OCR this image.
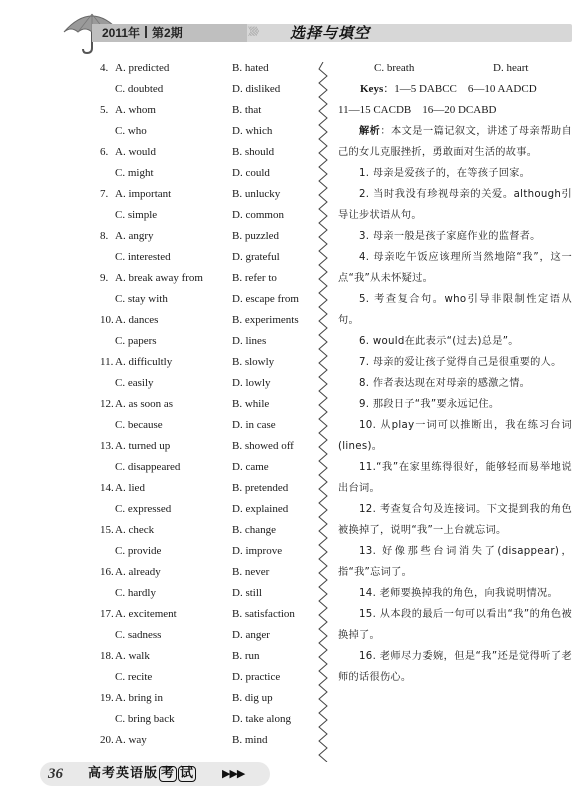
2011年 第2期	》》》 选择与填空
4. A. predicted	B. hated
C. doubted	D. disliked
5. A. whom	B. that
C. who	D. which
6. A. would	B. should
C. might	D. could
7. A. important	B. unlucky
C. simple	D. common
8. A. angry	B. puzzled
C. interested	D. grateful
9. A. break away from	B. refer to
C. stay with	D. escape from
10. A. dances	B. experiments
C. papers	D. lines
11. A. difficultly	B. slowly
C. easily	D. lowly
12. A. as soon as	B. while
C. because	D. in case
13. A. turned up	B. showed off
C. disappeared	D. came
14. A. lied	B. pretended
C. expressed	D. explained
15. A. check	B. change
C. provide	D. improve
16. A. already	B. never
C. hardly	D. still
17. A. excitement	B. satisfaction
C. sadness	D. anger
18. A. walk	B. run
C. recite	D. practice
19. A. bring in	B. dig up
C. bring back	D. take along
20. A. way	B. mind
C. breath	D. heart

Keys：1—5 DABCC　6—10 AADCD

11—15 CACDB　16—20 DCABD

解析：本文是一篇记叙文，讲述了母亲帮助自己的女儿克服挫折，勇敢面对生活的故事。

1. 母亲是爱孩子的，在等孩子回家。

2. 当时我没有珍视母亲的关爱。although引导让步状语从句。

3. 母亲一般是孩子家庭作业的监督者。

4. 母亲吃午饭应该理所当然地陪“我”，这一点“我”从未怀疑过。

5. 考查复合句。who引导非限制性定语从句。

6. would在此表示“(过去)总是”。

7. 母亲的爱让孩子觉得自己是很重要的人。

8. 作者表达现在对母亲的感激之情。

9. 那段日子“我”要永远记住。

10. 从play一词可以推断出，我在练习台词(lines)。

11.“我”在家里练得很好，能够轻而易举地说出台词。

12. 考查复合句及连接词。下文提到我的角色被换掉了，说明“我”一上台就忘词。

13. 好像那些台词消失了(disappear)，指“我”忘词了。

14. 老师要换掉我的角色，向我说明情况。

15. 从本段的最后一句可以看出“我”的角色被换掉了。

16. 老师尽力委婉，但是“我”还是觉得听了老师的话很伤心。

36 高考英语版 考 试	▶▶▶
